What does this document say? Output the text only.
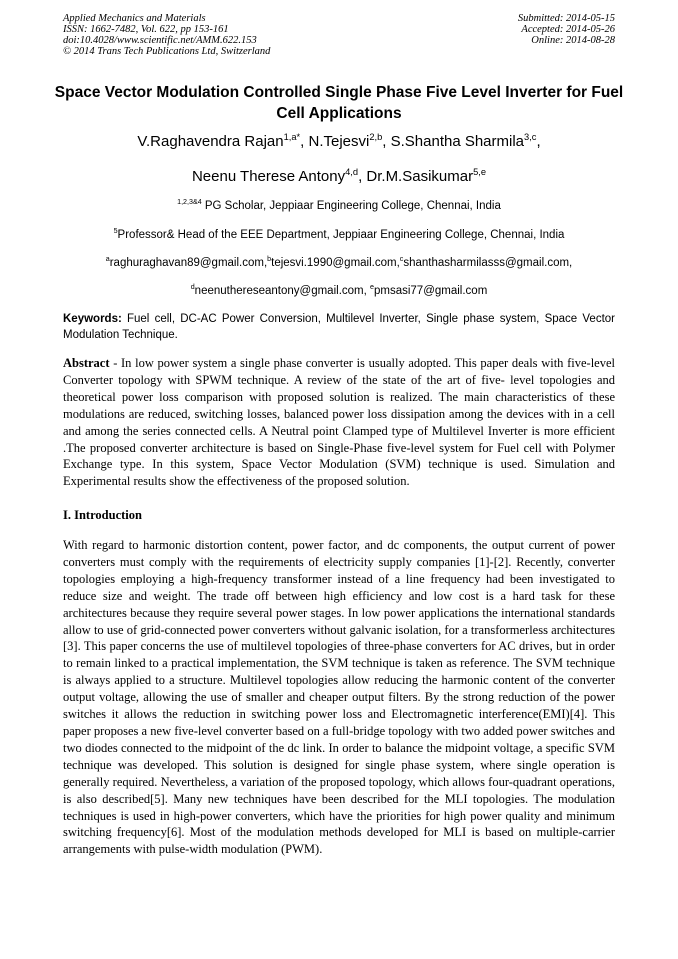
Applied Mechanics and Materials
ISSN: 1662-7482, Vol. 622, pp 153-161
doi:10.4028/www.scientific.net/AMM.622.153
© 2014 Trans Tech Publications Ltd, Switzerland
Submitted: 2014-05-15
Accepted: 2014-05-26
Online: 2014-08-28
Space Vector Modulation Controlled Single Phase Five Level Inverter for Fuel Cell Applications
V.Raghavendra Rajan$^{1,a*}$, N.Tejesvi$^{2,b}$, S.Shantha Sharmila$^{3,c}$,
Neenu Therese Antony$^{4,d}$, Dr.M.Sasikumar$^{5,e}$
$^{1,2,3\&4}$ PG Scholar, Jeppiaar Engineering College, Chennai, India
$^5$Professor& Head of the EEE Department, Jeppiaar Engineering College, Chennai, India
$^a$raghuraghavan89@gmail.com,$^b$tejesvi.1990@gmail.com,$^c$shanthasharmilasss@gmail.com,
$^d$neenuthereseantony@gmail.com, $^e$pmsasi77@gmail.com
Keywords: Fuel cell, DC-AC Power Conversion, Multilevel Inverter, Single phase system, Space Vector Modulation Technique.
Abstract - In low power system a single phase converter is usually adopted. This paper deals with five-level Converter topology with SPWM technique. A review of the state of the art of five- level topologies and theoretical power loss comparison with proposed solution is realized. The main characteristics of these modulations are reduced, switching losses, balanced power loss dissipation among the devices with in a cell and among the series connected cells. A Neutral point Clamped type of Multilevel Inverter is more efficient .The proposed converter architecture is based on Single-Phase five-level system for Fuel cell with Polymer Exchange type. In this system, Space Vector Modulation (SVM) technique is used. Simulation and Experimental results show the effectiveness of the proposed solution.
I. Introduction
With regard to harmonic distortion content, power factor, and dc components, the output current of power converters must comply with the requirements of electricity supply companies [1]-[2]. Recently, converter topologies employing a high-frequency transformer instead of a line frequency had been investigated to reduce size and weight. The trade off between high efficiency and low cost is a hard task for these architectures because they require several power stages. In low power applications the international standards allow to use of grid-connected power converters without galvanic isolation, for a transformerless architectures [3]. This paper concerns the use of multilevel topologies of three-phase converters for AC drives, but in order to remain linked to a practical implementation, the SVM technique is taken as reference. The SVM technique is always applied to a structure. Multilevel topologies allow reducing the harmonic content of the converter output voltage, allowing the use of smaller and cheaper output filters. By the strong reduction of the power switches it allows the reduction in switching power loss and Electromagnetic interference(EMI)[4]. This paper proposes a new five-level converter based on a full-bridge topology with two added power switches and two diodes connected to the midpoint of the dc link. In order to balance the midpoint voltage, a specific SVM technique was developed. This solution is designed for single phase system, where single operation is generally required. Nevertheless, a variation of the proposed topology, which allows four-quadrant operations, is also described[5]. Many new techniques have been described for the MLI topologies. The modulation techniques is used in high-power converters, which have the priorities for high power quality and minimum switching frequency[6]. Most of the modulation methods developed for MLI is based on multiple-carrier arrangements with pulse-width modulation (PWM).
